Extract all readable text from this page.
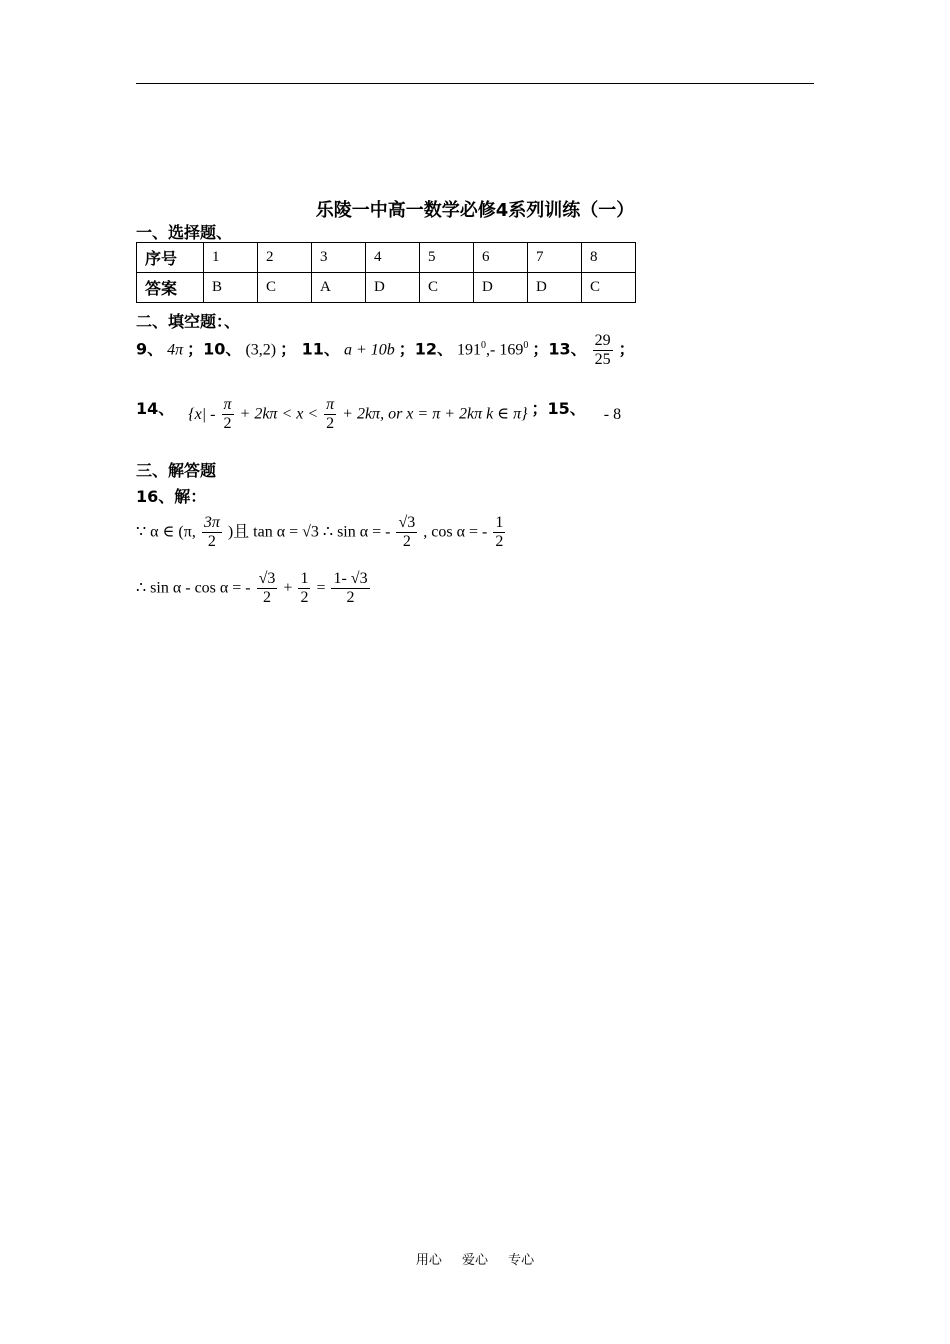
乐陵一中高一数学必修4系列训练（一）
一、选择题、
序号	1	2	3	4	5	6	7	8
答案	B	C	A	D	C	D	D	C
二、填空题：、
9、 4π ；10、 (3,2) ； 11、 a + 10b ；12、 $191^0,-$ $169^0$ ；13、 $\frac{29}{25}$ ；
14、 {$x| - \frac{\pi}{2} + 2k\pi < x < \frac{\pi}{2} + 2k\pi$, or x = π + 2kπ k ∈ π} ；15、 - 8
三、解答题
16、解：
∵ α ∈ (π, $\frac{3\pi}{2}$ )且 tan α = √3 ∴ sin α = - $\frac{√3}{2}$ , cos α = - $\frac{1}{2}$
∴ sin α - cos α = - $\frac{√3}{2} + \frac{1}{2} = \frac{1- √3}{2}$
用心 爱心 专心
